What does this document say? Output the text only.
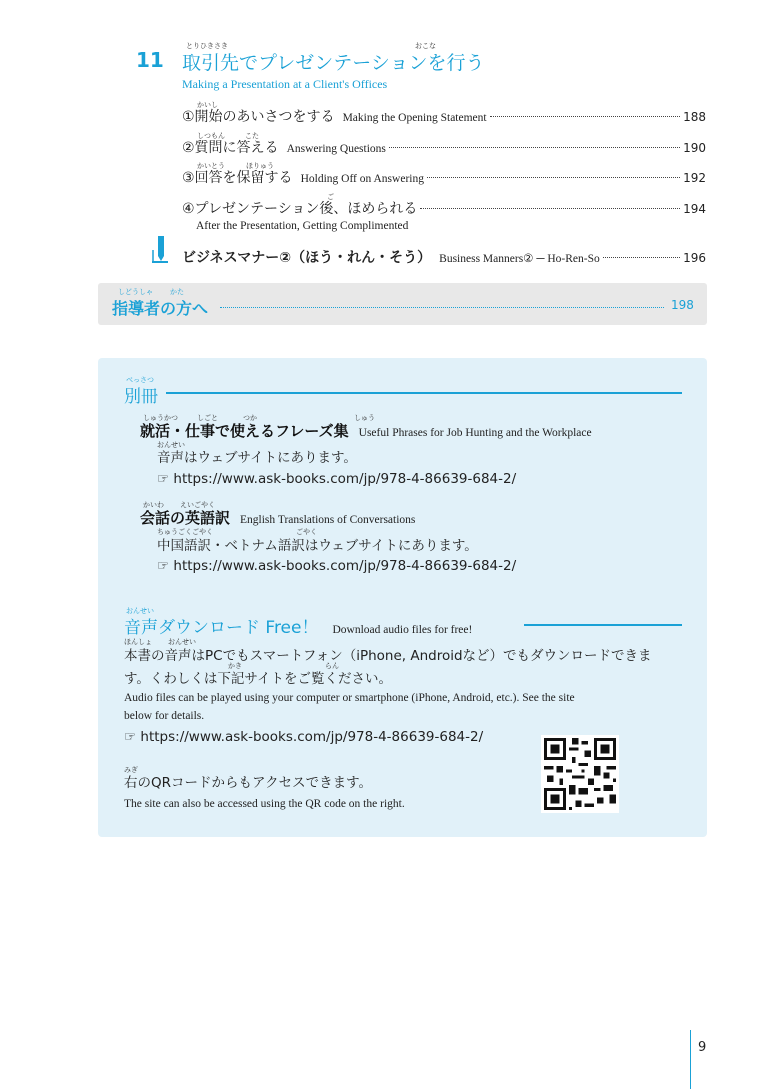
11
とりひきさき	おこな
取引先でプレゼンテーションを行う
Making a Presentation at a Client's Offices
かいし
①開始のあいさつをする Making the Opening Statement	188
しつもん	こた
②質問に答える Answering Questions	190
かいとう	ほりゅう
③回答を保留する Holding Off on Answering	192
ご
④プレゼンテーション後、ほめられる	194
After the Presentation, Getting Complimented
ビジネスマナー②（ほう・れん・そう） Business Manners② ─ Ho-Ren-So	196
しどうしゃ かた
指導者の方へ	198
べっさつ
別冊
しゅうかつ	しごと	つか	しゅう
就活・仕事で使えるフレーズ集 Useful Phrases for Job Hunting and the Workplace
おんせい
音声はウェブサイトにあります。
☞ https://www.ask-books.com/jp/978-4-86639-684-2/
かいわ えいごやく
会話の英語訳 English Translations of Conversations
ちゅうごくごやく	ごやく
中国語訳・ベトナム語訳はウェブサイトにあります。
☞ https://www.ask-books.com/jp/978-4-86639-684-2/
おんせい
音声ダウンロード Free！ Download audio files for free!
ほんしょ おんせい
本書の音声はPCでもスマートフォン（iPhone, Androidなど）でもダウンロードできま
かき	らん
す。くわしくは下記サイトをご覧ください。
Audio files can be played using your computer or smartphone (iPhone, Android, etc.). See the site
below for details.
☞ https://www.ask-books.com/jp/978-4-86639-684-2/
みぎ
右のQRコードからもアクセスできます。
The site can also be accessed using the QR code on the right.
9
